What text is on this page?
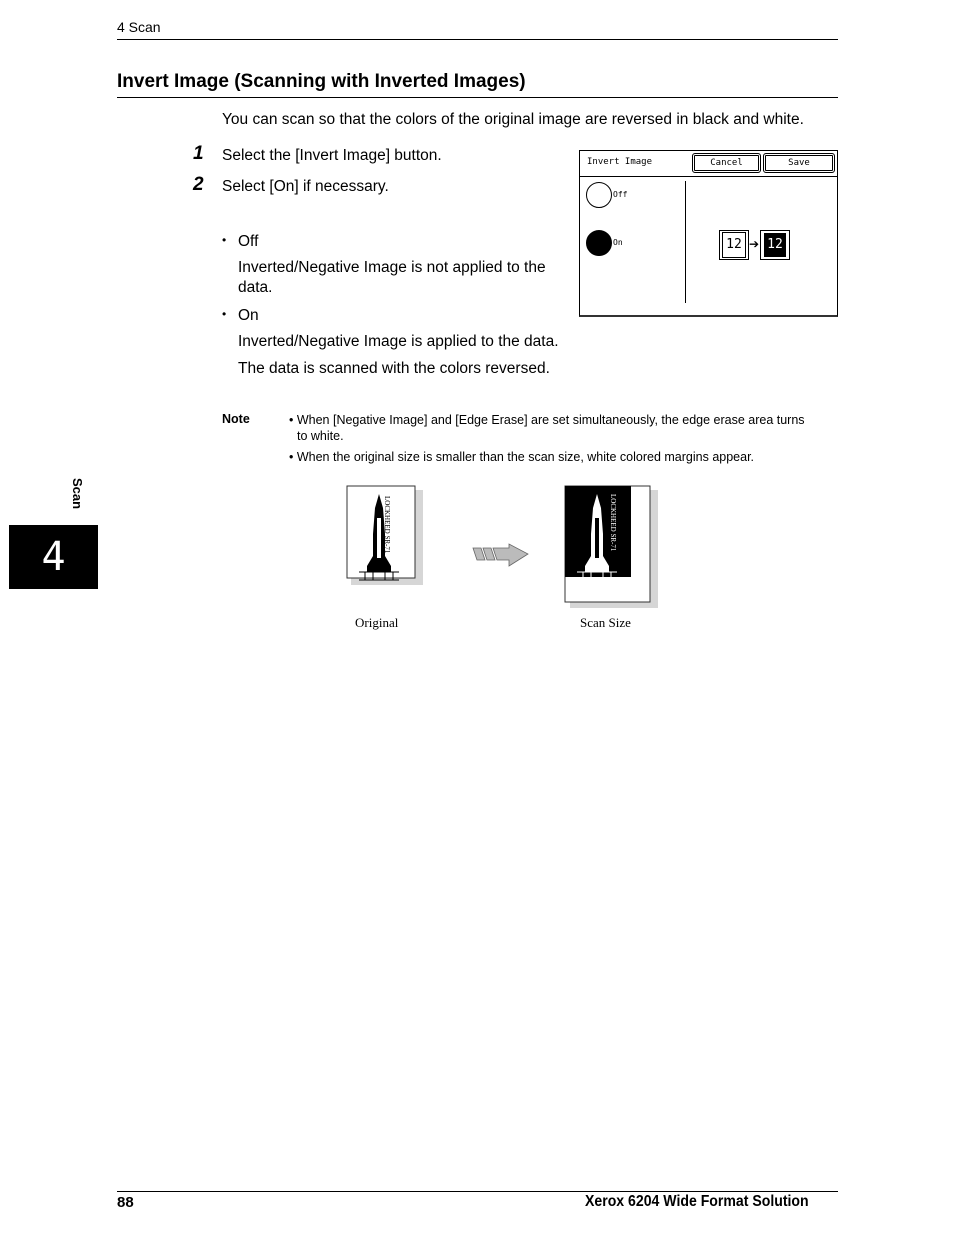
4 Scan
Invert Image (Scanning with Inverted Images)
You can scan so that the colors of the original image are reversed in black and white.
1 Select the [Invert Image] button.
2 Select [On] if necessary.
• Off
Inverted/Negative Image is not applied to the
data.
• On
Inverted/Negative Image is applied to the data.
The data is scanned with the colors reversed.
Note	• When [Negative Image] and [Edge Erase] are set simultaneously, the edge erase area turns
to white.
• When the original size is smaller than the scan size, white colored margins appear.
Invert Image	Cancel	Save
Off
On	12 ➔ 12
LOCKHEED SR-71	LOCKHEED SR-71
Original	Scan Size
Scan
4
88	Xerox 6204 Wide Format Solution
